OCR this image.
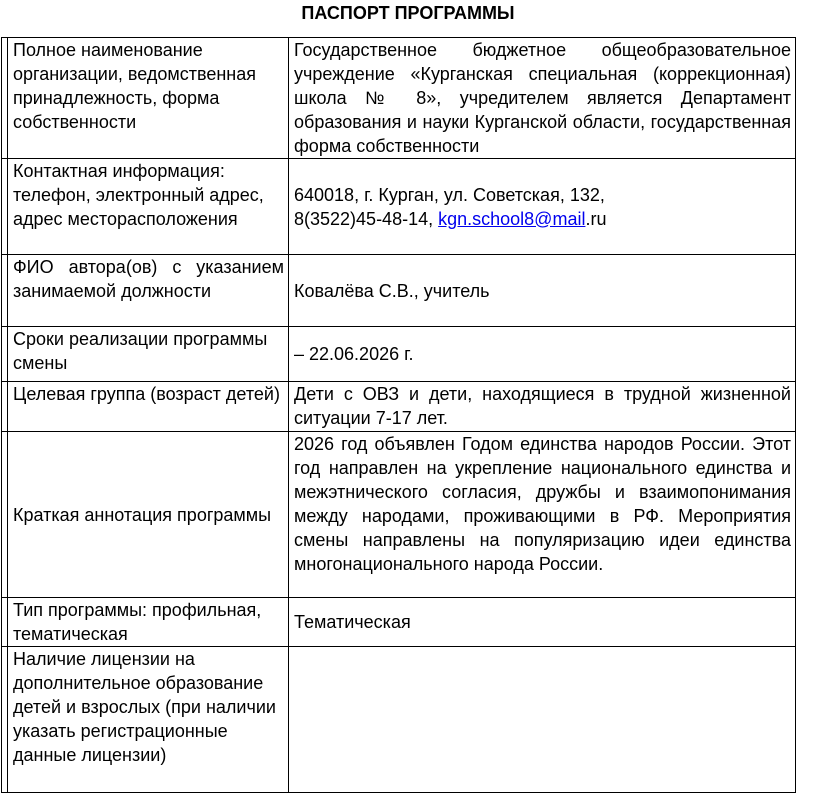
ПАСПОРТ ПРОГРАММЫ
	Полное наименование организации, ведомственная принадлежность, форма собственности	Государственное бюджетное общеобразовательное учреждение «Курганская специальная (коррекционная) школа № 8», учредителем является Департамент образования и науки Курганской области, государственная форма собственности
	Контактная информация: телефон, электронный адрес, адрес месторасположения	640018, г. Курган, ул. Советская, 132,
8(3522)45-48-14, kgn.school8@mail.ru

	ФИО автора(ов) с указанием занимаемой должности	Ковалёва С.В., учитель
	Сроки реализации программы смены	– 22.06.2026 г.
	Целевая группа (возраст детей)	Дети с ОВЗ и дети, находящиеся в трудной жизненной ситуации 7-17 лет.
	Краткая аннотация программы	2026 год объявлен Годом единства народов России. Этот год направлен на укрепление национального единства и межэтнического согласия, дружбы и взаимопонимания между народами, проживающими в РФ. Мероприятия смены направлены на популяризацию идеи единства многонационального народа России.
	Тип программы: профильная, тематическая	Тематическая
	Наличие лицензии на дополнительное образование детей и взрослых (при наличии указать регистрационные данные лицензии)	
